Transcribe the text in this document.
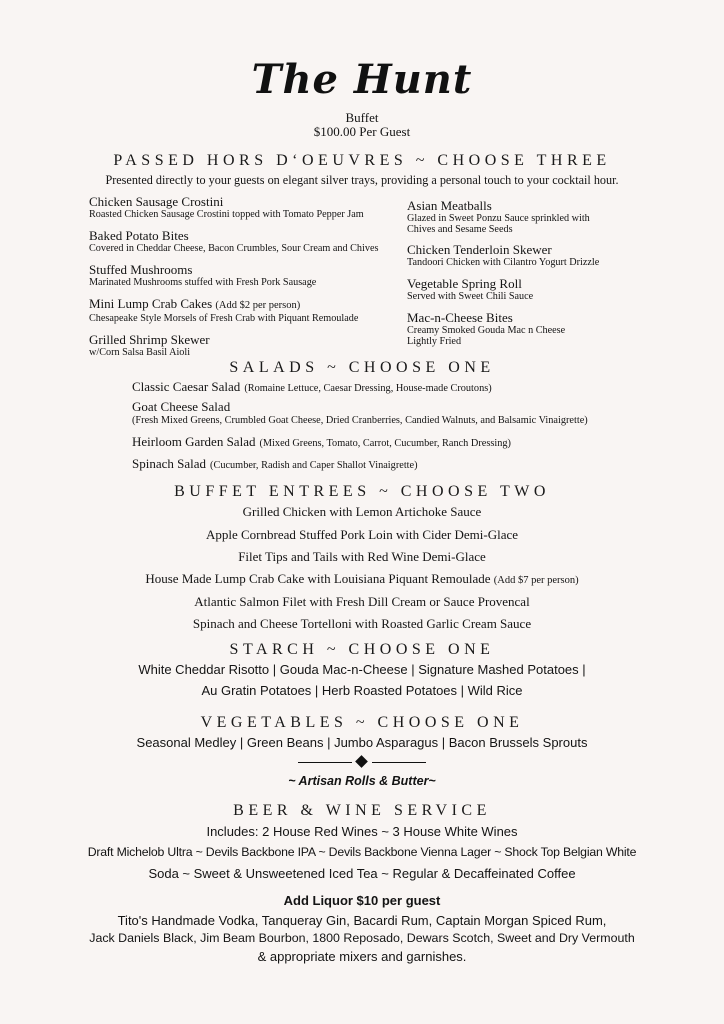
The Hunt
Buffet
$100.00 Per Guest
PASSED HORS D‘OEUVRES ~ CHOOSE THREE
Presented directly to your guests on elegant silver trays, providing a personal touch to your cocktail hour.
Chicken Sausage Crostini
Roasted Chicken Sausage Crostini topped with Tomato Pepper Jam
Baked Potato Bites
Covered in Cheddar Cheese, Bacon Crumbles, Sour Cream and Chives
Stuffed Mushrooms
Marinated Mushrooms stuffed with Fresh Pork Sausage
Mini Lump Crab Cakes (Add $2 per person)
Chesapeake Style Morsels of Fresh Crab with Piquant Remoulade
Grilled Shrimp Skewer
w/Corn Salsa Basil Aioli
Asian Meatballs
Glazed in Sweet Ponzu Sauce sprinkled with
Chives and Sesame Seeds
Chicken Tenderloin Skewer
Tandoori Chicken with Cilantro Yogurt Drizzle
Vegetable Spring Roll
Served with Sweet Chili Sauce
Mac-n-Cheese Bites
Creamy Smoked Gouda Mac n Cheese
Lightly Fried
SALADS ~ CHOOSE ONE
Classic Caesar Salad (Romaine Lettuce, Caesar Dressing, House-made Croutons)
Goat Cheese Salad
(Fresh Mixed Greens, Crumbled Goat Cheese, Dried Cranberries, Candied Walnuts, and Balsamic Vinaigrette)
Heirloom Garden Salad (Mixed Greens, Tomato, Carrot, Cucumber, Ranch Dressing)
Spinach Salad (Cucumber, Radish and Caper Shallot Vinaigrette)
BUFFET ENTREES ~ CHOOSE TWO
Grilled Chicken with Lemon Artichoke Sauce
Apple Cornbread Stuffed Pork Loin with Cider Demi-Glace
Filet Tips and Tails with Red Wine Demi-Glace
House Made Lump Crab Cake with Louisiana Piquant Remoulade (Add $7 per person)
Atlantic Salmon Filet with Fresh Dill Cream or Sauce Provencal
Spinach and Cheese Tortelloni with Roasted Garlic Cream Sauce
STARCH ~ CHOOSE ONE
White Cheddar Risotto | Gouda Mac-n-Cheese | Signature Mashed Potatoes |
Au Gratin Potatoes | Herb Roasted Potatoes | Wild Rice
VEGETABLES ~ CHOOSE ONE
Seasonal Medley | Green Beans | Jumbo Asparagus | Bacon Brussels Sprouts
~ Artisan Rolls & Butter~
BEER & WINE SERVICE
Includes: 2 House Red Wines ~ 3 House White Wines
Draft Michelob Ultra ~ Devils Backbone IPA ~ Devils Backbone Vienna Lager ~ Shock Top Belgian White
Soda ~ Sweet & Unsweetened Iced Tea ~ Regular & Decaffeinated Coffee
Add Liquor $10 per guest
Tito's Handmade Vodka, Tanqueray Gin, Bacardi Rum, Captain Morgan Spiced Rum,
Jack Daniels Black, Jim Beam Bourbon, 1800 Reposado, Dewars Scotch, Sweet and Dry Vermouth
& appropriate mixers and garnishes.
